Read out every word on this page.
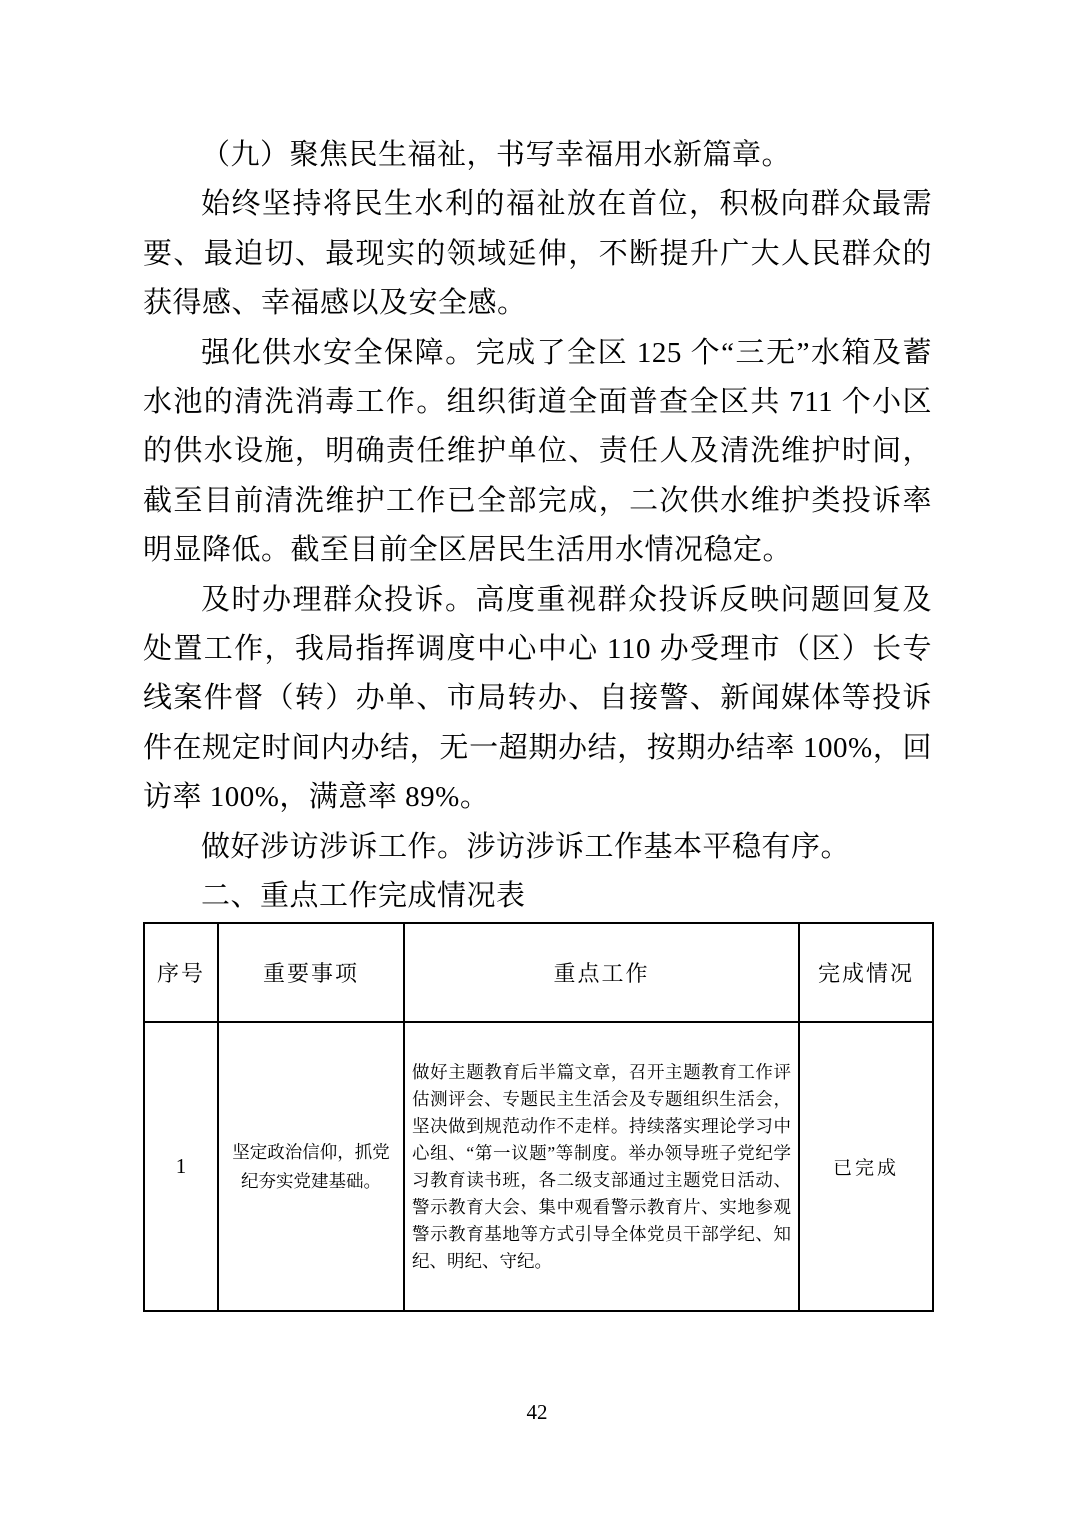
（九）聚焦民生福祉，书写幸福用水新篇章。

始终坚持将民生水利的福祉放在首位，积极向群众最需要、最迫切、最现实的领域延伸，不断提升广大人民群众的获得感、幸福感以及安全感。

强化供水安全保障。完成了全区 125 个“三无”水箱及蓄水池的清洗消毒工作。组织街道全面普查全区共 711 个小区的供水设施，明确责任维护单位、责任人及清洗维护时间，截至目前清洗维护工作已全部完成，二次供水维护类投诉率明显降低。截至目前全区居民生活用水情况稳定。

及时办理群众投诉。高度重视群众投诉反映问题回复及处置工作，我局指挥调度中心中心 110 办受理市（区）长专线案件督（转）办单、市局转办、自接警、新闻媒体等投诉件在规定时间内办结，无一超期办结，按期办结率 100%，回访率 100%，满意率 89%。

做好涉访涉诉工作。涉访涉诉工作基本平稳有序。

二、重点工作完成情况表

序号	重要事项	重点工作	完成情况
1	坚定政治信仰，抓党纪夯实党建基础。	做好主题教育后半篇文章，召开主题教育工作评估测评会、专题民主生活会及专题组织生活会，坚决做到规范动作不走样。持续落实理论学习中心组、“第一议题”等制度。举办领导班子党纪学习教育读书班，各二级支部通过主题党日活动、警示教育大会、集中观看警示教育片、实地参观警示教育基地等方式引导全体党员干部学纪、知纪、明纪、守纪。	已完成
42
